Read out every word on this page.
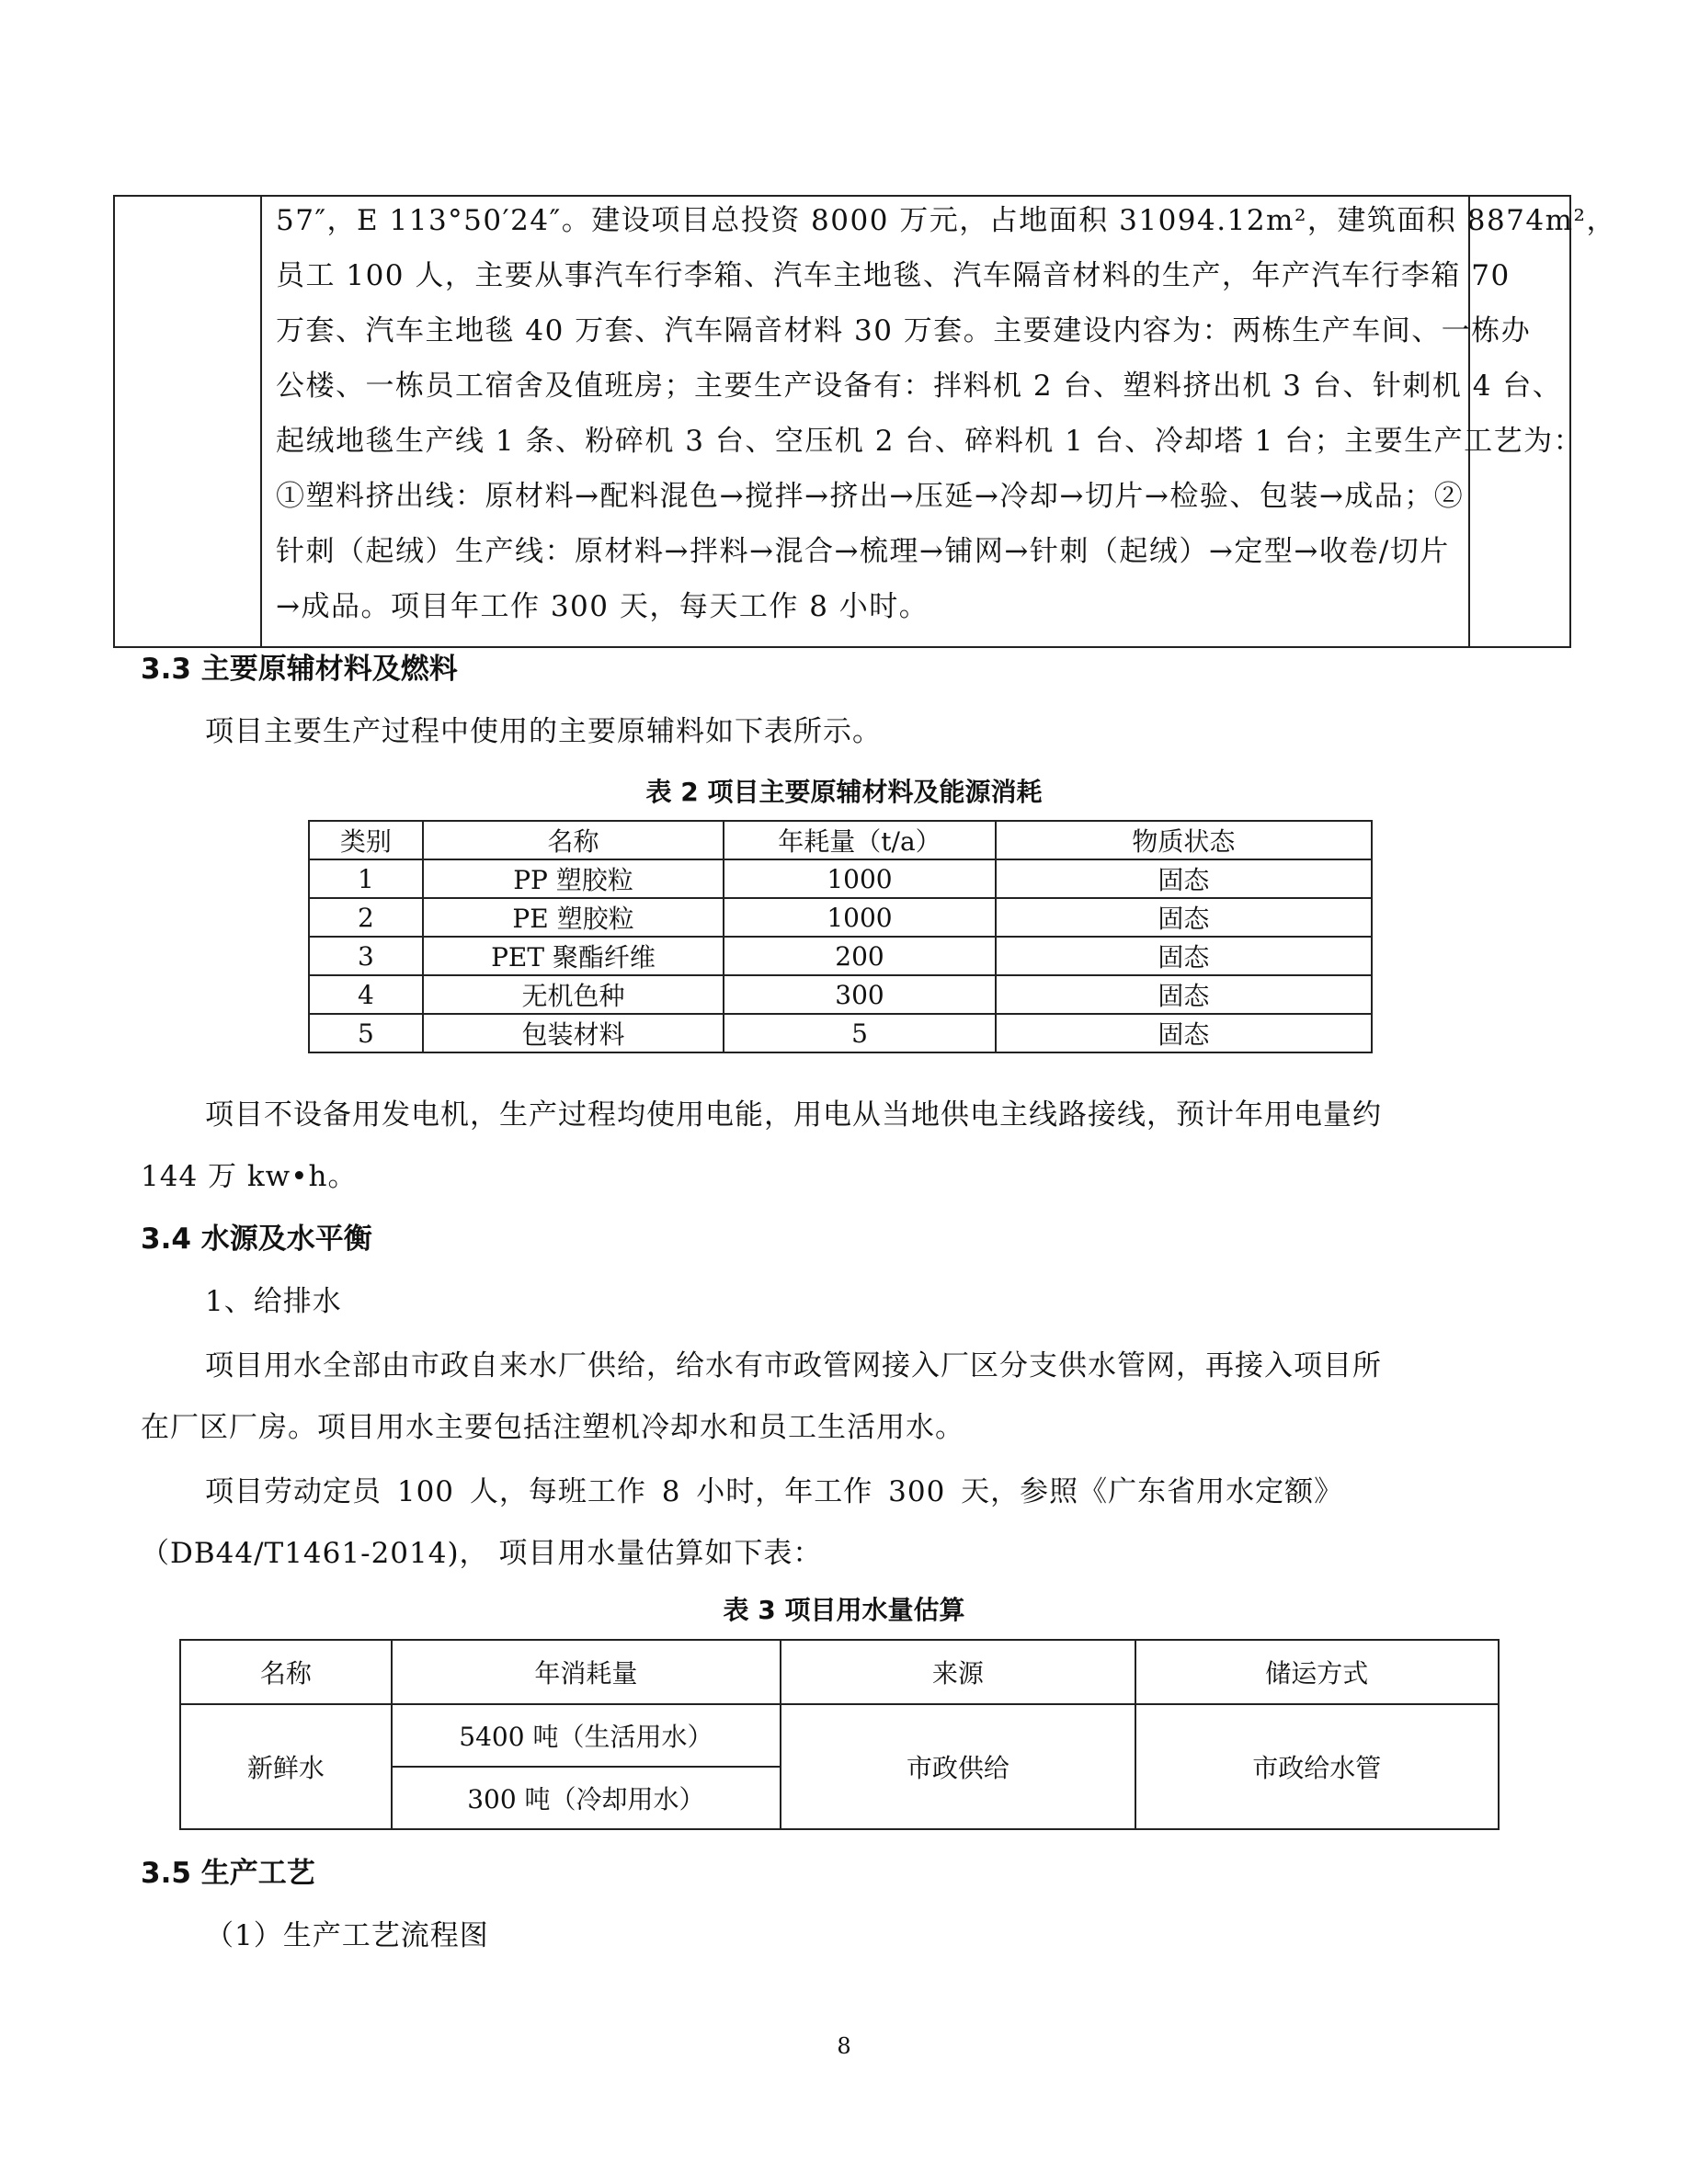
57″，E 113°50′24″。建设项目总投资 8000 万元，占地面积 31094.12m²，建筑面积 8874m²，
员工 100 人，主要从事汽车行李箱、汽车主地毯、汽车隔音材料的生产，年产汽车行李箱 70
万套、汽车主地毯 40 万套、汽车隔音材料 30 万套。主要建设内容为：两栋生产车间、一栋办
公楼、一栋员工宿舍及值班房；主要生产设备有：拌料机 2 台、塑料挤出机 3 台、针刺机 4 台、
起绒地毯生产线 1 条、粉碎机 3 台、空压机 2 台、碎料机 1 台、冷却塔 1 台；主要生产工艺为：
①塑料挤出线：原材料→配料混色→搅拌→挤出→压延→冷却→切片→检验、包装→成品；②
针刺（起绒）生产线：原材料→拌料→混合→梳理→铺网→针刺（起绒）→定型→收卷/切片
→成品。项目年工作 300 天，每天工作 8 小时。
3.3 主要原辅材料及燃料
项目主要生产过程中使用的主要原辅料如下表所示。
表 2 项目主要原辅材料及能源消耗
类别	名称	年耗量（t/a）	物质状态
1	PP 塑胶粒	1000	固态
2	PE 塑胶粒	1000	固态
3	PET 聚酯纤维	200	固态
4	无机色种	300	固态
5	包装材料	5	固态
项目不设备用发电机，生产过程均使用电能，用电从当地供电主线路接线，预计年用电量约
144 万 kw•h。
3.4 水源及水平衡
1、给排水
项目用水全部由市政自来水厂供给，给水有市政管网接入厂区分支供水管网，再接入项目所
在厂区厂房。项目用水主要包括注塑机冷却水和员工生活用水。
项目劳动定员 100 人，每班工作 8 小时，年工作 300 天，参照《广东省用水定额》
（DB44/T1461-2014)， 项目用水量估算如下表：
表 3 项目用水量估算
名称	年消耗量	来源	储运方式
新鲜水	5400 吨（生活用水）	市政供给	市政给水管
	300 吨（冷却用水）		
3.5 生产工艺
（1）生产工艺流程图
8
